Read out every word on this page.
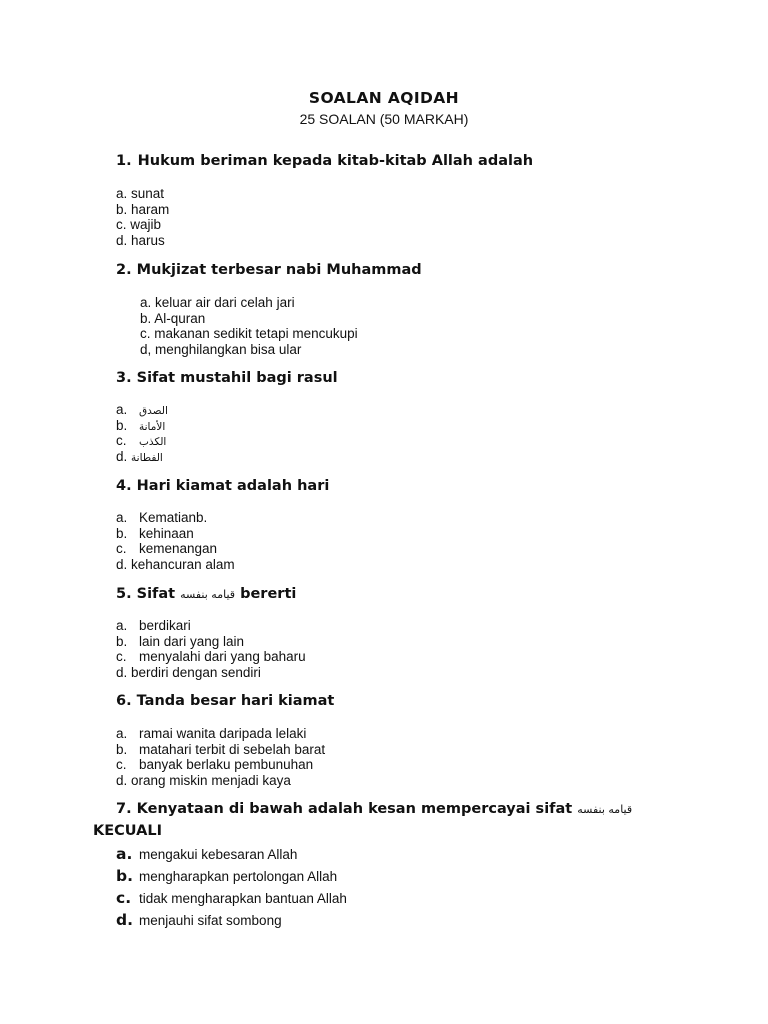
SOALAN AQIDAH
25 SOALAN (50 MARKAH)

1. Hukum beriman kepada kitab-kitab Allah adalah

a. sunat
b. haram
c. wajib
d. harus

2. Mukjizat terbesar nabi Muhammad

a. keluar air dari celah jari
b. Al-quran
c. makanan sedikit tetapi mencukupi
d, menghilangkan bisa ular

3. Sifat mustahil bagi rasul

a. الصدق
b. الأمانة
c. الكذب
d. الفطانة

4. Hari kiamat adalah hari

a. Kematianb.
b. kehinaan
c. kemenangan
d. kehancuran alam

5. Sifat قيامه بنفسه bererti

a. berdikari
b. lain dari yang lain
c. menyalahi dari yang baharu
d. berdiri dengan sendiri

6. Tanda besar hari kiamat

a. ramai wanita daripada lelaki
b. matahari terbit di sebelah barat
c. banyak berlaku pembunuhan
d. orang miskin menjadi kaya

7. Kenyataan di bawah adalah kesan mempercayai sifat قيامه بنفسه

KECUALI

a. mengakui kebesaran Allah
b. mengharapkan pertolongan Allah
c. tidak mengharapkan bantuan Allah
d. menjauhi sifat sombong
